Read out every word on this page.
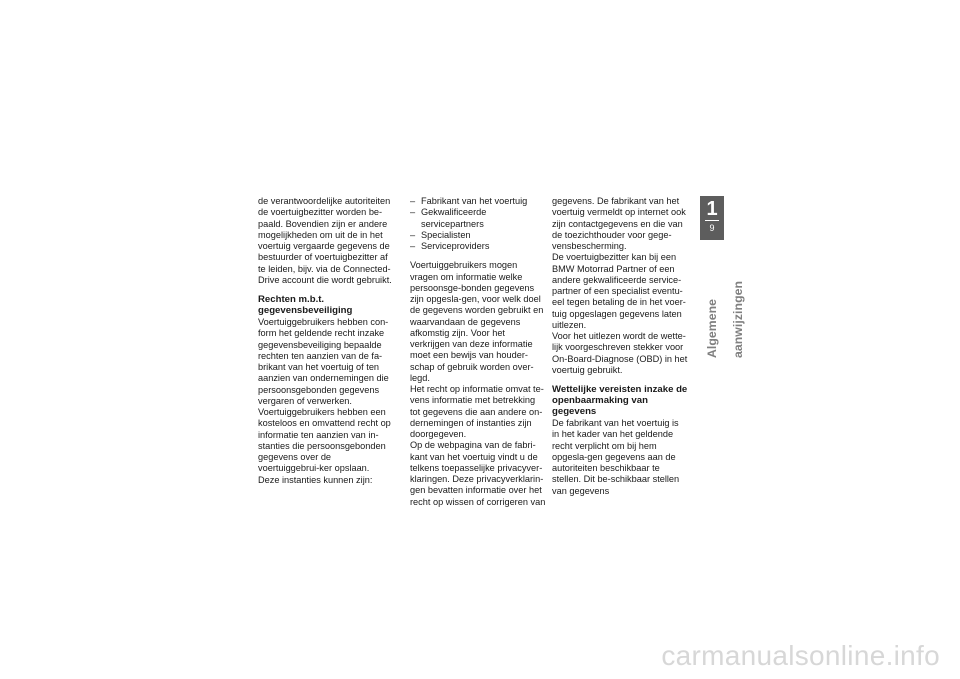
de verantwoordelijke autoriteiten de voertuigbezitter worden be-paald. Bovendien zijn er andere mogelijkheden om uit de in het voertuig vergaarde gegevens de bestuurder of voertuigbezitter af te leiden, bijv. via de Connected-Drive account die wordt gebruikt.

Rechten m.b.t. gegevensbeveiliging

Voertuiggebruikers hebben con-form het geldende recht inzake gegevensbeveiliging bepaalde rechten ten aanzien van de fa-brikant van het voertuig of ten aanzien van ondernemingen die persoonsgebonden gegevens vergaren of verwerken.

Voertuiggebruikers hebben een kosteloos en omvattend recht op informatie ten aanzien van in-stanties die persoonsgebonden gegevens over de voertuiggebrui-ker opslaan.

Deze instanties kunnen zijn:

– Fabrikant van het voertuig
– Gekwalificeerde servicepartners
– Specialisten
– Serviceproviders

Voertuiggebruikers mogen vragen om informatie welke persoonsge-bonden gegevens zijn opgesla-gen, voor welk doel de gegevens worden gebruikt en waarvandaan de gegevens afkomstig zijn. Voor het verkrijgen van deze informatie moet een bewijs van houder-schap of gebruik worden over-legd.

Het recht op informatie omvat te-vens informatie met betrekking tot gegevens die aan andere on-dernemingen of instanties zijn doorgegeven.

Op de webpagina van de fabri-kant van het voertuig vindt u de telkens toepasselijke privacyver-klaringen. Deze privacyverklarin-gen bevatten informatie over het recht op wissen of corrigeren van

gegevens. De fabrikant van het voertuig vermeldt op internet ook zijn contactgegevens en die van de toezichthouder voor gege-vensbescherming.

De voertuigbezitter kan bij een BMW Motorrad Partner of een andere gekwalificeerde service-partner of een specialist eventu-eel tegen betaling de in het voer-tuig opgeslagen gegevens laten uitlezen.

Voor het uitlezen wordt de wette-lijk voorgeschreven stekker voor On-Board-Diagnose (OBD) in het voertuig gebruikt.

Wettelijke vereisten inzake de openbaarmaking van gegevens

De fabrikant van het voertuig is in het kader van het geldende recht verplicht om bij hem opgesla-gen gegevens aan de autoriteiten beschikbaar te stellen. Dit be-schikbaar stellen van gegevens

1
9
Algemene aanwijzingen
carmanualsonline.info
